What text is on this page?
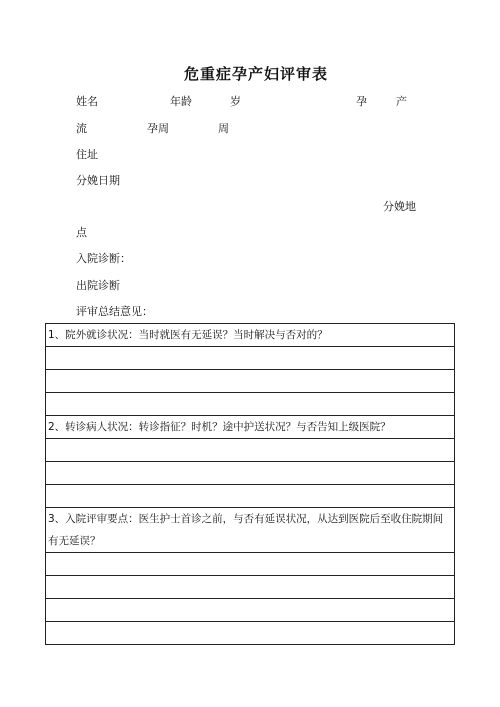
危重症孕产妇评审表
姓名	年龄	岁	孕	产
流	孕周	周
住址
分娩日期
分娩地
点
入院诊断：
出院诊断
评审总结意见：
1、院外就诊状况：当时就医有无延误？当时解决与否对的？

2、转诊病人状况：转诊指征？时机？途中护送状况？与否告知上级医院？

3、入院评审要点：医生护士首诊之前，与否有延误状况，从达到医院后至收住院期间有无延误？
